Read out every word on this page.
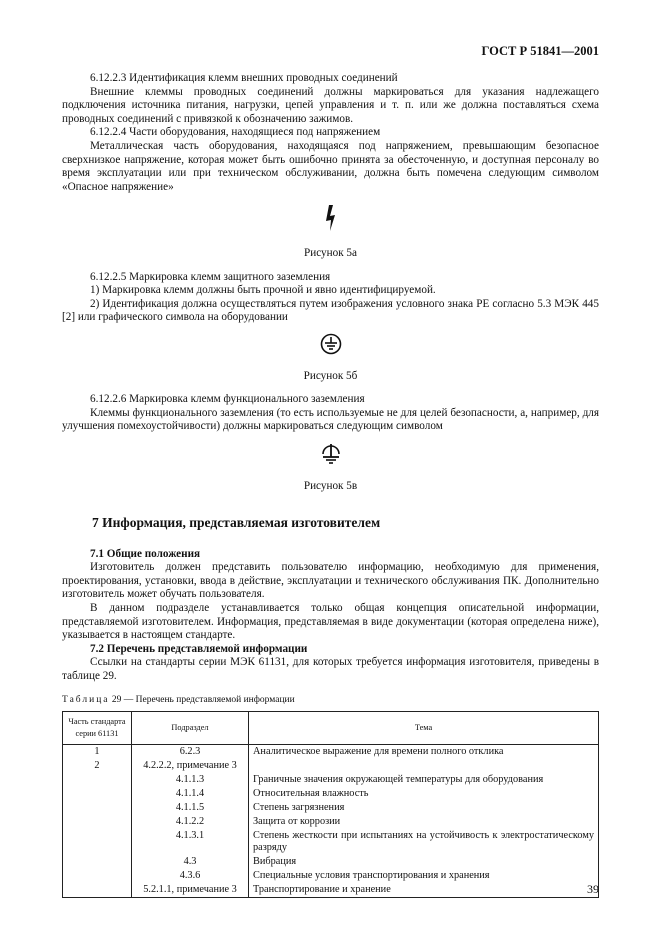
ГОСТ Р 51841—2001

6.12.2.3 Идентификация клемм внешних проводных соединений

Внешние клеммы проводных соединений должны маркироваться для указания надлежащего подключения источника питания, нагрузки, цепей управления и т. п. или же должна поставляться схема проводных соединений с привязкой к обозначению зажимов.

6.12.2.4 Части оборудования, находящиеся под напряжением

Металлическая часть оборудования, находящаяся под напряжением, превышающим безопасное сверхнизкое напряжение, которая может быть ошибочно принята за обесточенную, и доступная персоналу во время эксплуатации или при техническом обслуживании, должна быть помечена следующим символом «Опасное напряжение»

Рисунок 5а

6.12.2.5 Маркировка клемм защитного заземления

1) Маркировка клемм должны быть прочной и явно идентифицируемой.

2) Идентификация должна осуществляться путем изображения условного знака РЕ согласно 5.3 МЭК 445 [2] или графического символа на оборудовании

Рисунок 5б

6.12.2.6 Маркировка клемм функционального заземления

Клеммы функционального заземления (то есть используемые не для целей безопасности, а, например, для улучшения помехоустойчивости) должны маркироваться следующим символом

Рисунок 5в
7 Информация, представляемая изготовителем

7.1 Общие положения

Изготовитель должен представить пользователю информацию, необходимую для применения, проектирования, установки, ввода в действие, эксплуатации и технического обслуживания ПК. Дополнительно изготовитель может обучать пользователя.

В данном подразделе устанавливается только общая концепция описательной информации, представляемой изготовителем. Информация, представляемая в виде документации (которая определена ниже), указывается в настоящем стандарте.

7.2 Перечень представляемой информации

Ссылки на стандарты серии МЭК 61131, для которых требуется информация изготовителя, приведены в таблице 29.

Таблица 29 — Перечень представляемой информации
Часть стандарта серии 61131	Подраздел	Тема
1	6.2.3	Аналитическое выражение для времени полного отклика
2	4.2.2.2, примечание 3	
	4.1.1.3	Граничные значения окружающей температуры для оборудования
	4.1.1.4	Относительная влажность
	4.1.1.5	Степень загрязнения
	4.1.2.2	Защита от коррозии
	4.1.3.1	Степень жесткости при испытаниях на устойчивость к электростатическому разряду
	4.3	Вибрация
	4.3.6	Специальные условия транспортирования и хранения
	5.2.1.1, примечание 3	Транспортирование и хранение	39
